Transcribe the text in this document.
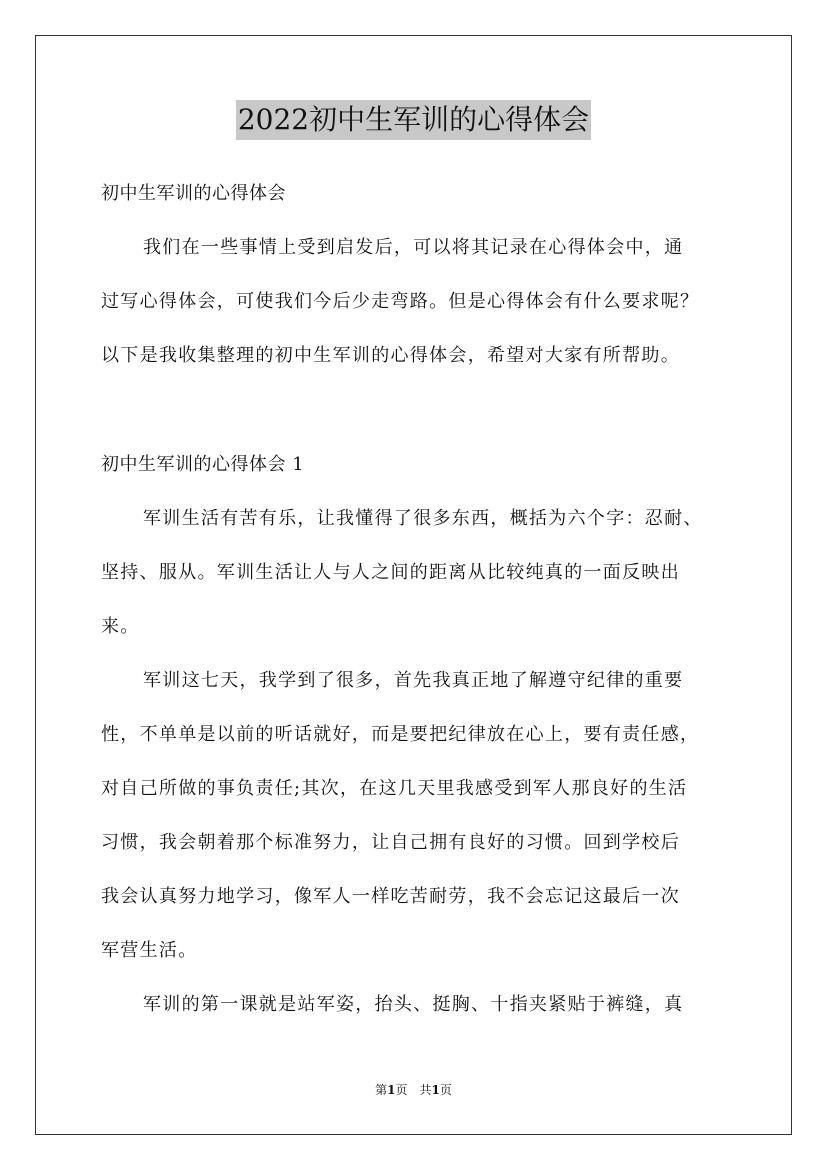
2022初中生军训的心得体会
初中生军训的心得体会
我们在一些事情上受到启发后，可以将其记录在心得体会中，通
过写心得体会，可使我们今后少走弯路。但是心得体会有什么要求呢？
以下是我收集整理的初中生军训的心得体会，希望对大家有所帮助。
初中生军训的心得体会 1
军训生活有苦有乐，让我懂得了很多东西，概括为六个字：忍耐、
坚持、服从。军训生活让人与人之间的距离从比较纯真的一面反映出
来。
军训这七天，我学到了很多，首先我真正地了解遵守纪律的重要
性，不单单是以前的听话就好，而是要把纪律放在心上，要有责任感，
对自己所做的事负责任;其次，在这几天里我感受到军人那良好的生活
习惯，我会朝着那个标准努力，让自己拥有良好的习惯。回到学校后
我会认真努力地学习，像军人一样吃苦耐劳，我不会忘记这最后一次
军营生活。
军训的第一课就是站军姿，抬头、挺胸、十指夹紧贴于裤缝，真
第1页 共1页
